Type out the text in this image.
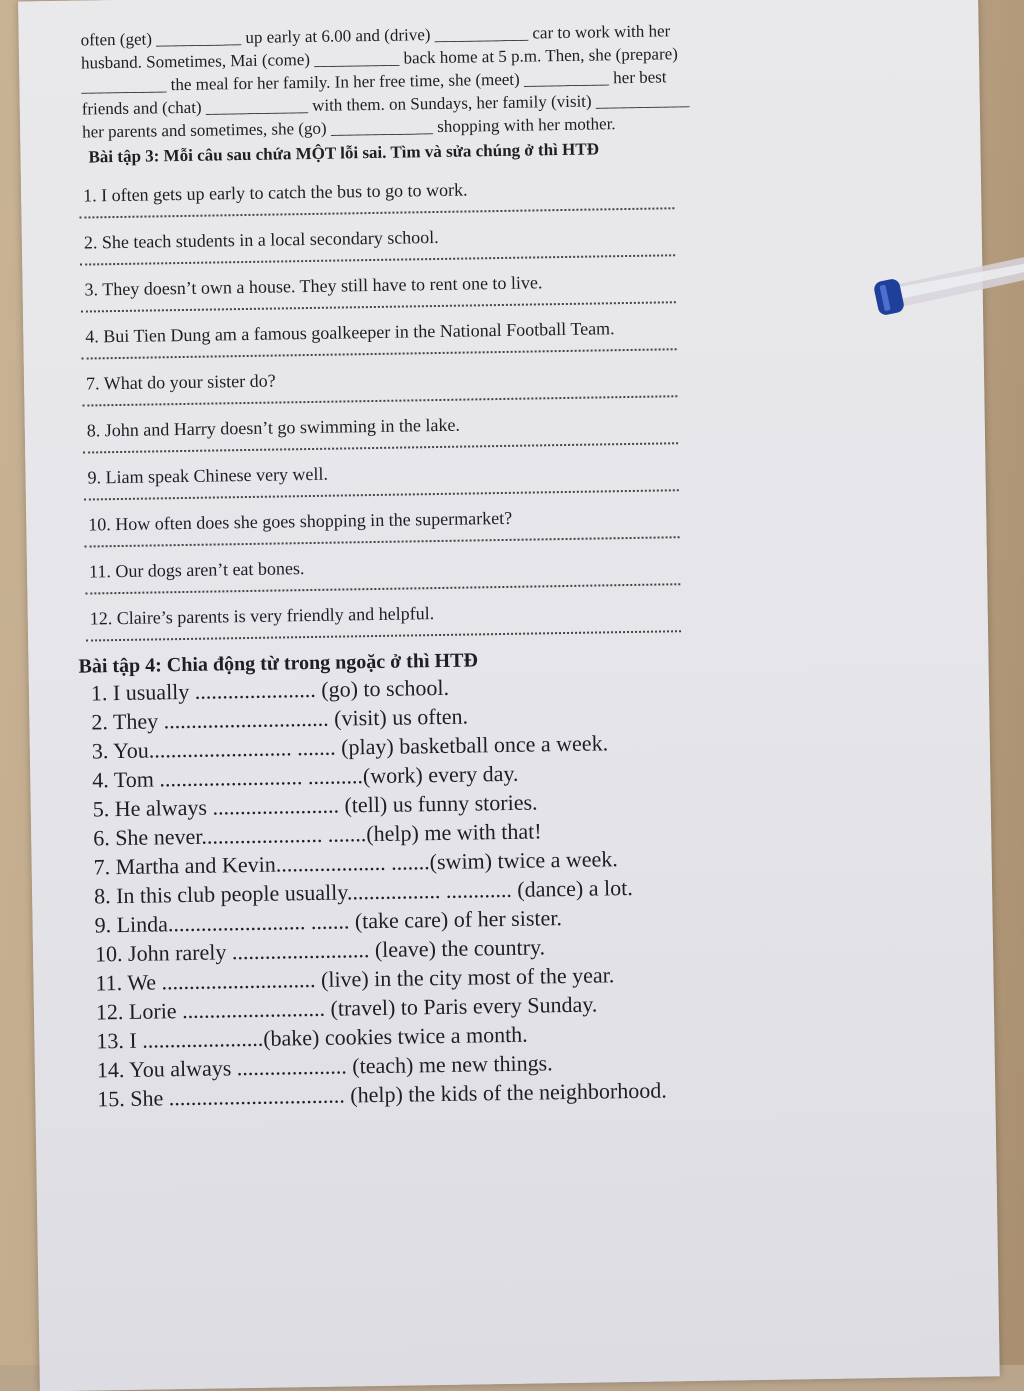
often (get) __________ up early at 6.00 and (drive) ___________ car to work with her

husband. Sometimes, Mai (come) __________ back home at 5 p.m. Then, she (prepare)

__________ the meal for her family. In her free time, she (meet) __________ her best

friends and (chat) ____________ with them. on Sundays, her family (visit) ___________

her parents and sometimes, she (go) ____________ shopping with her mother.

Bài tập 3: Mỗi câu sau chứa MỘT lỗi sai. Tìm và sửa chúng ở thì HTĐ
1. I often gets up early to catch the bus to go to work.
2. She teach students in a local secondary school.
3. They doesn’t own a house. They still have to rent one to live.
4. Bui Tien Dung am a famous goalkeeper in the National Football Team.
7. What do your sister do?
8. John and Harry doesn’t go swimming in the lake.
9. Liam speak Chinese very well.
10. How often does she goes shopping in the supermarket?
11. Our dogs aren’t eat bones.
12. Claire’s parents is very friendly and helpful.
Bài tập 4: Chia động từ trong ngoặc ở thì HTĐ
1. I usually ...................... (go) to school.
2. They .............................. (visit) us often.
3. You.......................... ....... (play) basketball once a week.
4. Tom .......................... ..........(work) every day.
5. He always ....................... (tell) us funny stories.
6. She never...................... .......(help) me with that!
7. Martha and Kevin.................... .......(swim) twice a week.
8. In this club people usually................. ............ (dance) a lot.
9. Linda......................... ....... (take care) of her sister.
10. John rarely ......................... (leave) the country.
11. We ............................ (live) in the city most of the year.
12. Lorie .......................... (travel) to Paris every Sunday.
13. I ......................(bake) cookies twice a month.
14. You always .................... (teach) me new things.
15. She ................................ (help) the kids of the neighborhood.
